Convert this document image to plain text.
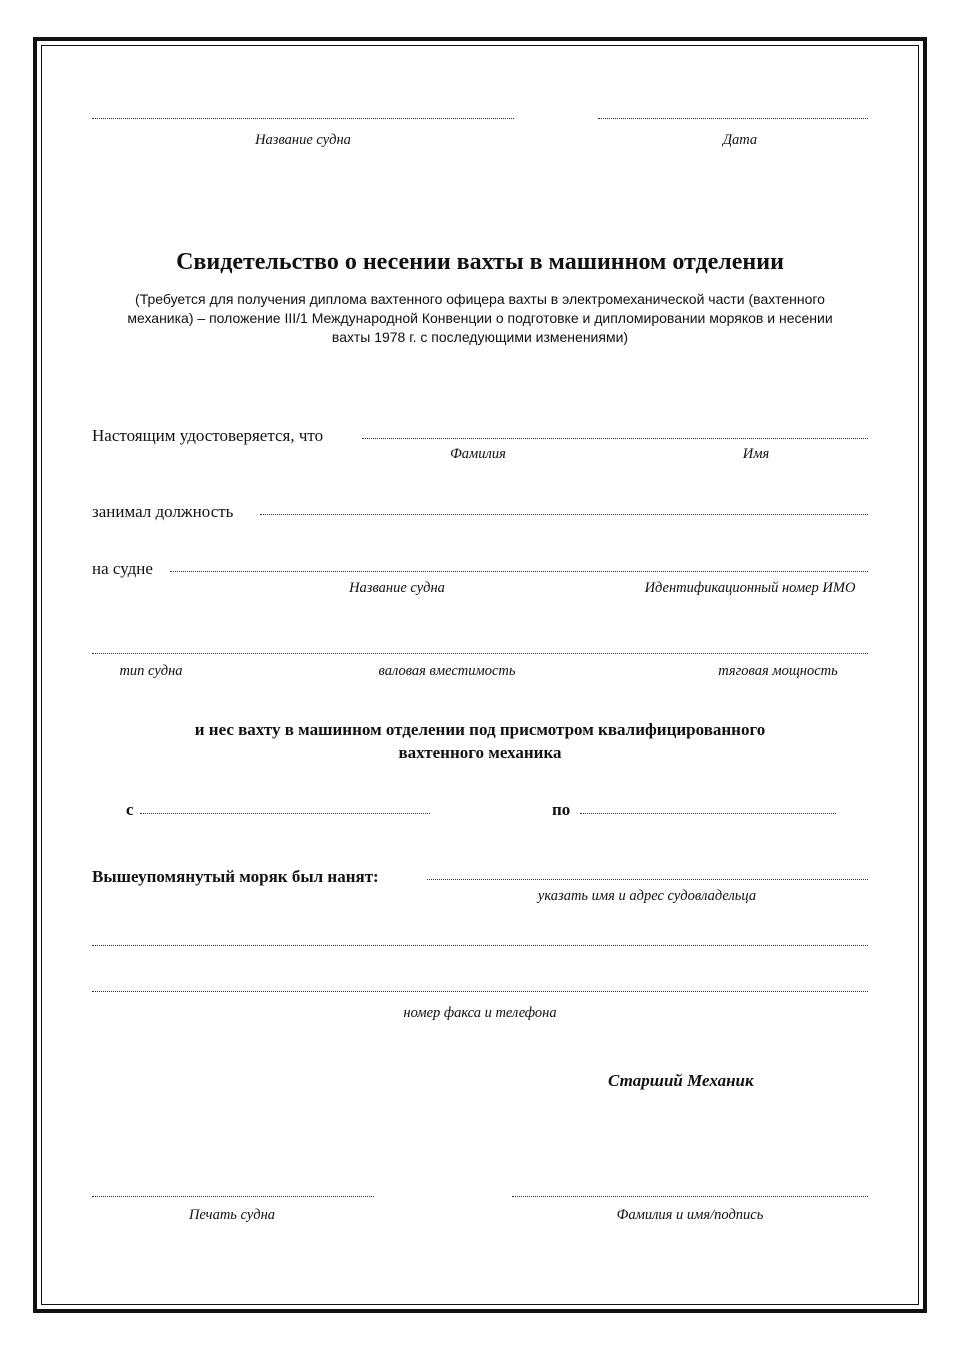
Название судна	Дата
Свидетельство о несении вахты в машинном отделении
(Требуется для получения диплома вахтенного офицера вахты в электромеханической части (вахтенного
механика) – положение III/1 Международной Конвенции о подготовке и дипломировании моряков и несении
вахты 1978 г. с последующими изменениями)
Настоящим удостоверяется, что
Фамилия	Имя
занимал должность
на судне
Название судна	Идентификационный номер ИМО
тип судна	валовая вместимость	тяговая мощность
и нес вахту в машинном отделении под присмотром квалифицированного
вахтенного механика
с	по
Вышеупомянутый моряк был нанят:
указать имя и адрес судовладельца
номер факса и телефона
Старший Механик
Печать судна	Фамилия и имя/подпись
